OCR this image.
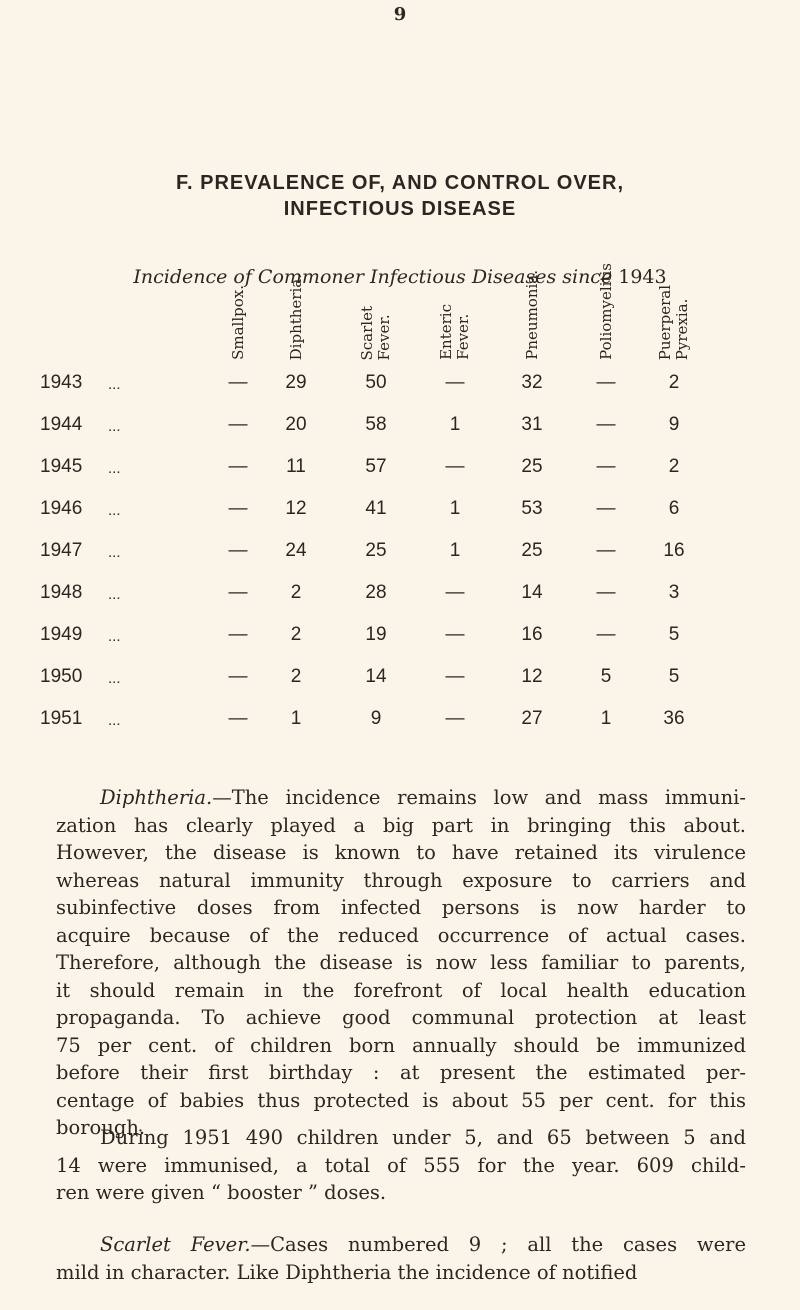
9
F. PREVALENCE OF, AND CONTROL OVER,
INFECTIOUS DISEASE
Incidence of Commoner Infectious Diseases since 1943
Smallpox.	Diphtheria.	Scarlet Fever.	Enteric Fever.	Pneumonia.	Poliomyelitis	Puerperal Pyrexia.
1943 ...	—	29	50	—	32	—	2
1944 ...	—	20	58	1	31	—	9
1945 ...	—	11	57	—	25	—	2
1946 ...	—	12	41	1	53	—	6
1947 ...	—	24	25	1	25	—	16
1948 ...	—	2	28	—	14	—	3
1949 ...	—	2	19	—	16	—	5
1950 ...	—	2	14	—	12	5	5
1951 ...	—	1	9	—	27	1	36
Diphtheria.—The incidence remains low and mass immuni-
zation has clearly played a big part in bringing this about.
However, the disease is known to have retained its virulence
whereas natural immunity through exposure to carriers and
subinfective doses from infected persons is now harder to
acquire because of the reduced occurrence of actual cases.
Therefore, although the disease is now less familiar to parents,
it should remain in the forefront of local health education
propaganda. To achieve good communal protection at least
75 per cent. of children born annually should be immunized
before their first birthday : at present the estimated per-
centage of babies thus protected is about 55 per cent. for this
borough.
During 1951 490 children under 5, and 65 between 5 and
14 were immunised, a total of 555 for the year. 609 child-
ren were given “ booster ” doses.
Scarlet Fever.—Cases numbered 9 ; all the cases were
mild in character. Like Diphtheria the incidence of notified
